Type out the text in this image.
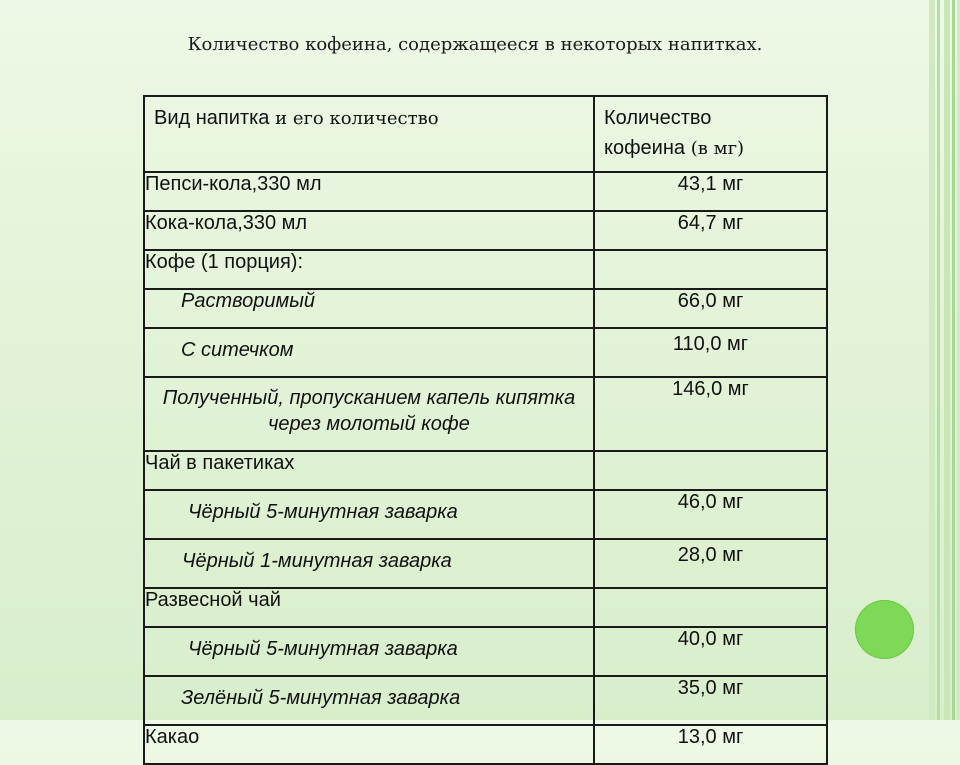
Количество кофеина, содержащееся в некоторых напитках.
Вид напитка и его количество	Количество
кофеина (в мг)
Пепси-кола,330 мл	43,1 мг
Кока-кола,330 мл	64,7 мг
Кофе (1 порция):	
Растворимый	66,0 мг
С ситечком	110,0 мг
Полученный, пропусканием капель кипятка через молотый кофе	146,0 мг
Чай в пакетиках	
Чёрный 5-минутная заварка	46,0 мг
Чёрный 1-минутная заварка	28,0 мг
Развесной чай	
Чёрный 5-минутная заварка	40,0 мг
Зелёный 5-минутная заварка	35,0 мг
Какао	13,0 мг
